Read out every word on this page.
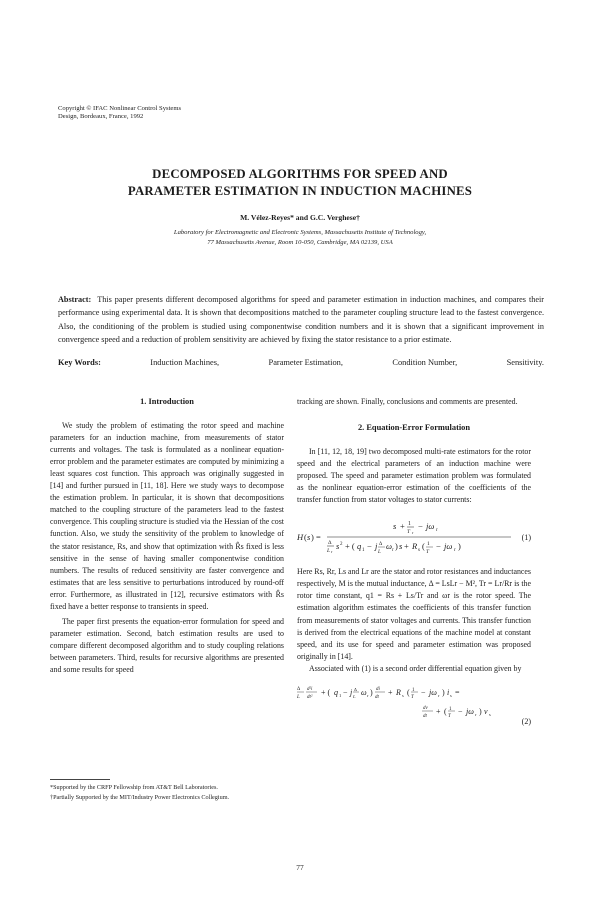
Copyright © IFAC Nonlinear Control Systems
Design, Bordeaux, France, 1992
DECOMPOSED ALGORITHMS FOR SPEED AND
PARAMETER ESTIMATION IN INDUCTION MACHINES
M. Vélez-Reyes* and G.C. Verghese†
Laboratory for Electromagnetic and Electronic Systems, Massachusetts Institute of Technology,
77 Massachusetts Avenue, Room 10-050, Cambridge, MA 02139, USA
Abstract: This paper presents different decomposed algorithms for speed and parameter estimation in induction machines, and compares their performance using experimental data. It is shown that decompositions matched to the parameter coupling structure lead to the fastest convergence. Also, the conditioning of the problem is studied using componentwise condition numbers and it is shown that a significant improvement in convergence speed and a reduction of problem sensitivity are achieved by fixing the stator resistance to a prior estimate.
Key Words:	Induction Machines,	Parameter Estimation,	Condition Number,	Sensitivity.
1. Introduction

We study the problem of estimating the rotor speed and machine parameters for an induction machine, from measurements of stator currents and voltages. The task is formulated as a nonlinear equation-error problem and the parameter estimates are computed by minimizing a least squares cost function. This approach was originally suggested in [14] and further pursued in [11, 18]. Here we study ways to decompose the estimation problem. In particular, it is shown that decompositions matched to the coupling structure of the parameters lead to the fastest convergence. This coupling structure is studied via the Hessian of the cost function. Also, we study the sensitivity of the problem to knowledge of the stator resistance, Rs, and show that optimization with R̂s fixed is less sensitive in the sense of having smaller componentwise condition numbers. The results of reduced sensitivity are faster convergence and estimates that are less sensitive to perturbations introduced by round-off error. Furthermore, as illustrated in [12], recursive estimators with R̂s fixed have a better response to transients in speed.

The paper first presents the equation-error formulation for speed and parameter estimation. Second, batch estimation results are used to compare different decomposed algorithm and to study coupling relations between parameters. Third, results for recursive algorithms are presented and some results for speed

*Supported by the CRFP Fellowship from AT&T Bell Laboratories.

†Partially Supported by the MIT/Industry Power Electronics Collegium.

tracking are shown. Finally, conclusions and comments are presented.

2. Equation-Error Formulation

In [11, 12, 18, 19] two decomposed multi-rate estimators for the rotor speed and the electrical parameters of an induction machine were proposed. The speed and parameter estimation problem was formulated as the nonlinear equation-error estimation of the coefficients of the transfer function from stator voltages to stator currents:

H ( s ) =
s + 1
T r
− jω r
Δ
L r
s 2 + ( q 1 − j Δ
L
ω r ) s + R s ( 1
T
− jω r )
(1)

Here Rs, Rr, Ls and Lr are the stator and rotor resistances and inductances respectively, M is the mutual inductance, Δ = LsLr − M², Tr = Lr/Rr is the rotor time constant, q1 = Rs + Ls/Tr and ωr is the rotor speed. The estimation algorithm estimates the coefficients of this transfer function from measurements of stator voltages and currents. This transfer function is derived from the electrical equations of the machine model at constant speed, and its use for speed and parameter estimation was proposed originally in [14].

Associated with (1) is a second order differential equation given by

Δ
L
d²i
dt²
+ ( q 1 − j Δ
L ω r ) di
dt
+ R s ( 1
T
− jω r ) i s =
dv
dt
+ ( 1
T
− jω r ) v s
(2)
77
